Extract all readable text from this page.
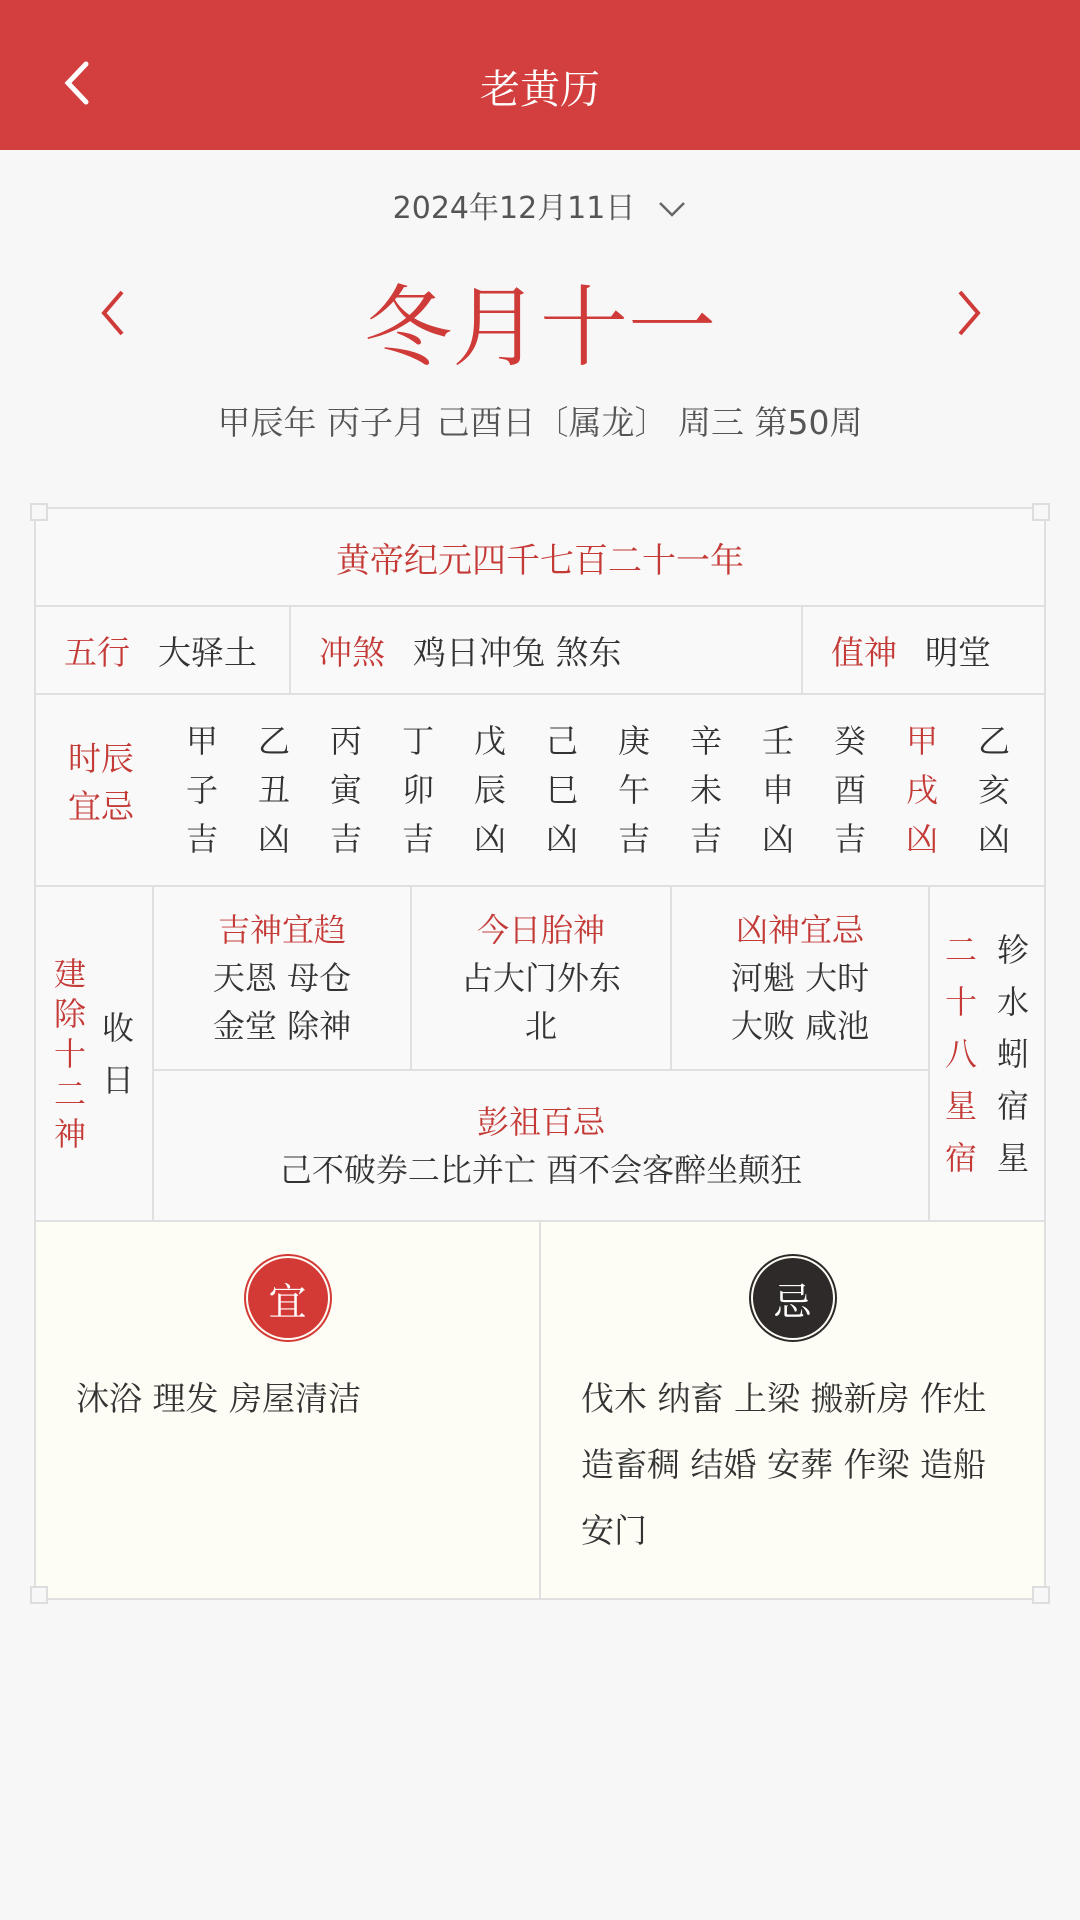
老黄历
2024年12月11日
冬月十一
甲辰年 丙子月 己酉日〔属龙〕 周三 第50周
黄帝纪元四千七百二十一年
五行 大驿土 冲煞 鸡日冲兔 煞东	值神 明堂
时辰
宜忌
甲
子
吉
乙
丑
凶
丙
寅
吉
丁
卯
吉
戊
辰
凶
己
巳
凶
庚
午
吉
辛
未
吉
壬
申
凶
癸
酉
吉
甲
戌
凶
乙
亥
凶
建除十二神
收日
吉神宜趋
天恩 母仓
金堂 除神
今日胎神
占大门外东
北
凶神宜忌
河魁 大时
大败 咸池
彭祖百忌
己不破券二比并亡 酉不会客醉坐颠狂
二十八星宿
轸水蚓宿星
宜
沐浴 理发 房屋清洁
忌
伐木 纳畜 上梁 搬新房 作灶 造畜稠 结婚 安葬 作梁 造船 安门
